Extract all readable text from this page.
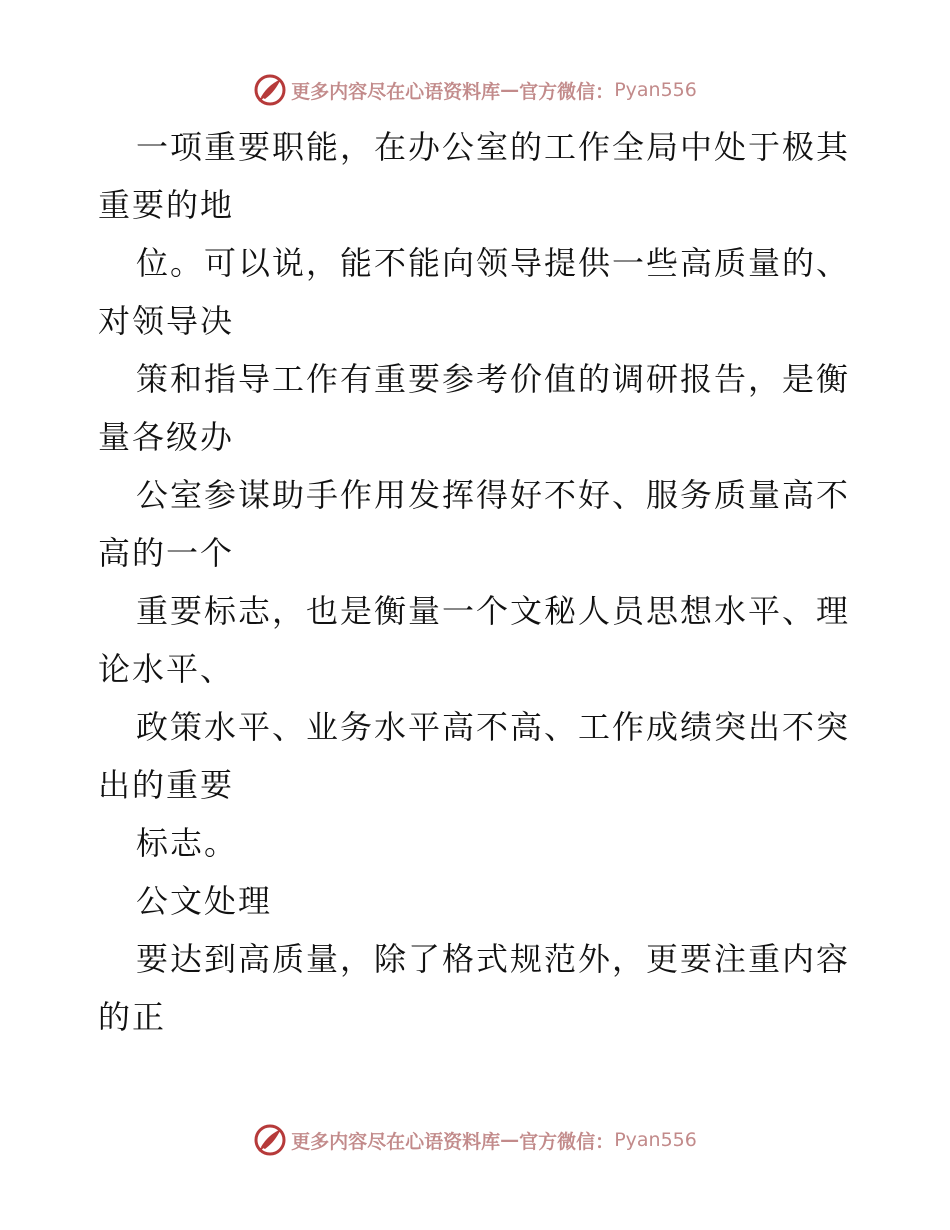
更多内容尽在心语资料库 — 官方微信： Pyan556
一项重要职能，在办公室的工作全局中处于极其
重要的地
位。可以说，能不能向领导提供一些高质量的、
对领导决
策和指导工作有重要参考价值的调研报告，是衡
量各级办
公室参谋助手作用发挥得好不好、服务质量高不
高的一个
重要标志，也是衡量一个文秘人员思想水平、理
论水平、
政策水平、业务水平高不高、工作成绩突出不突
出的重要
标志。
公文处理
要达到高质量，除了格式规范外，更要注重内容
的正
更多内容尽在心语资料库 — 官方微信： Pyan556
